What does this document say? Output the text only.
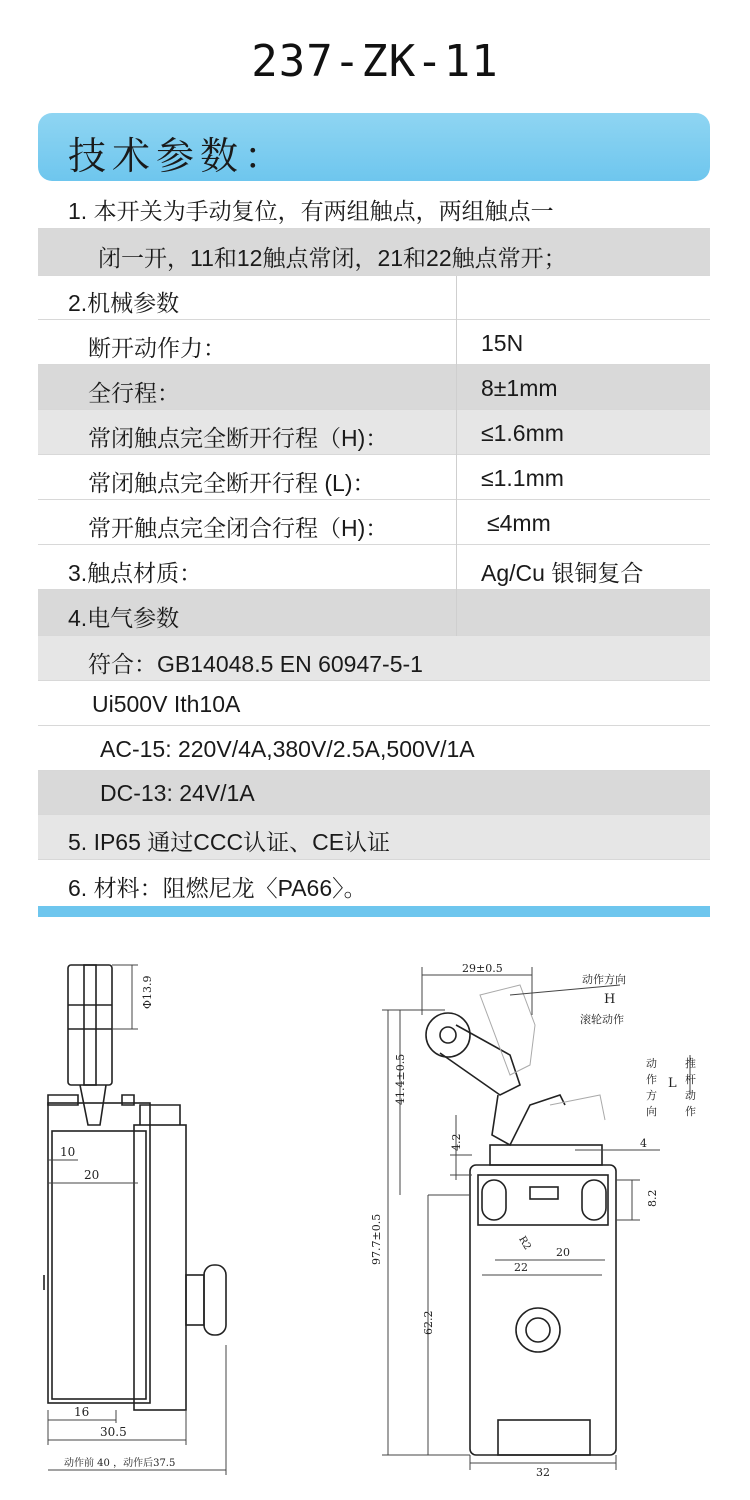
237-ZK-11
技术参数：
1. 本开关为手动复位，有两组触点，两组触点一
闭一开，11和12触点常闭，21和22触点常开；
2.机械参数
断开动作力：	15N
全行程：	8±1mm
常闭触点完全断开行程（H)：	≤1.6mm
常闭触点完全断开行程 (L)：	≤1.1mm
常开触点完全闭合行程（H)：	≤4mm
3.触点材质：	Ag/Cu 银铜复合
4.电气参数
符合：GB14048.5 EN 60947-5-1
Ui500V Ith10A
AC-15: 220V/4A,380V/2.5A,500V/1A
DC-13: 24V/1A
5. IP65 通过CCC认证、CE认证
6. 材料：阻燃尼龙〈PA66〉。
Φ13.9
10
20
16
30.5
动作前 40 ，动作后37.5
29±0.5
动作方向
H
滚轮动作
动
作
方
向
L
推
杆
动
作
41.4±0.5
4.2	4
8.2
R2
20
22
97.7±0.5
62.2
32
